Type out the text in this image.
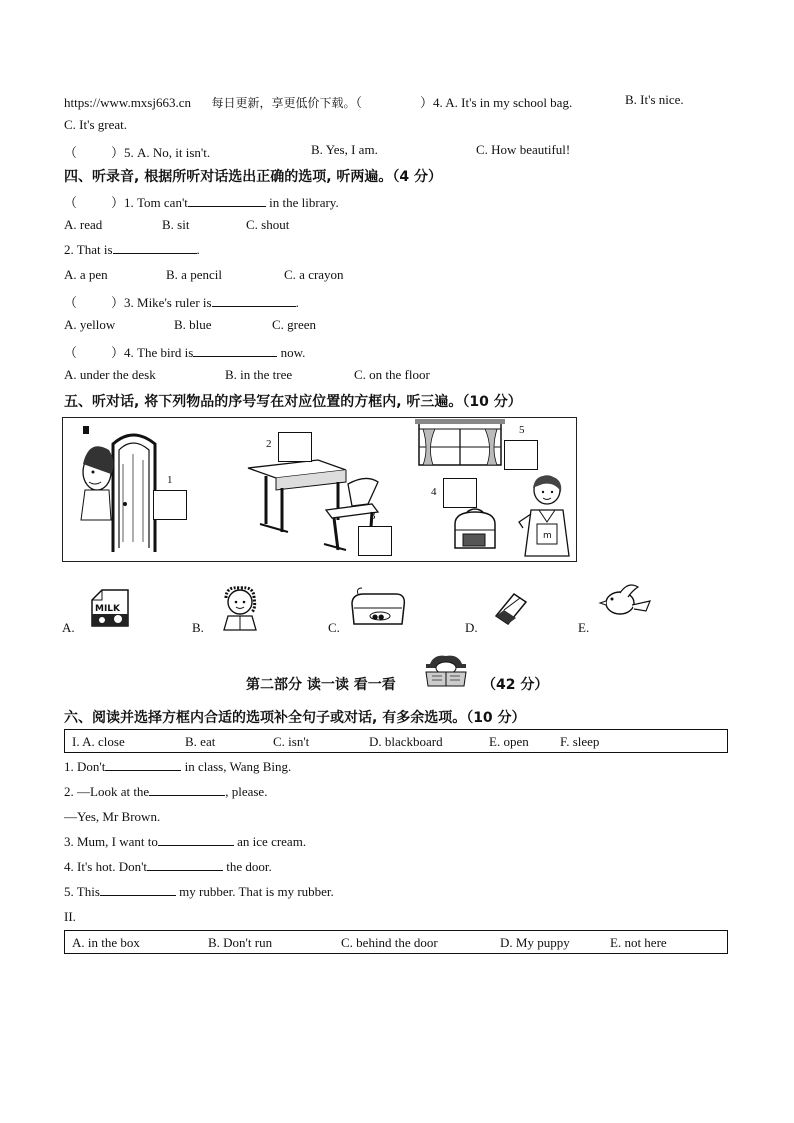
https://www.mxsj663.cn 每日更新，享更低价下载。（	）4. A. It's in my school bag.	B. It's nice.
C. It's great.
（	）5. A. No, it isn't.	B. Yes, I am.	C. How beautiful!
四、听录音, 根据所听对话选出正确的选项, 听两遍。（4 分）
（	）1. Tom can't	in the library.
A. read	B. sit	C. shout
2. That is	.
A. a pen	B. a pencil	C. a crayon
（	）3. Mike's ruler is	.
A. yellow	B. blue	C. green
（	）4. The bird is	now.
A. under the desk	B. in the tree	C. on the floor
五、听对话, 将下列物品的序号写在对应位置的方框内, 听三遍。（10 分）
1
2
3
5
4
m
A.
MILK
B.	C.
●●
D.	E.
第二部分 读一读 看一看	（42 分）
六、阅读并选择方框内合适的选项补全句子或对话, 有多余选项。（10 分）
I. A. close	B. eat	C. isn't	D. blackboard	E. open F. sleep
1. Don't	in class, Wang Bing.
2. —Look at the	, please.
—Yes, Mr Brown.
3. Mum, I want to	an ice cream.
4. It's hot. Don't	the door.
5. This	my rubber. That is my rubber.
II.
A. in the box	B. Don't run	C. behind the door	D. My puppy	E. not here
